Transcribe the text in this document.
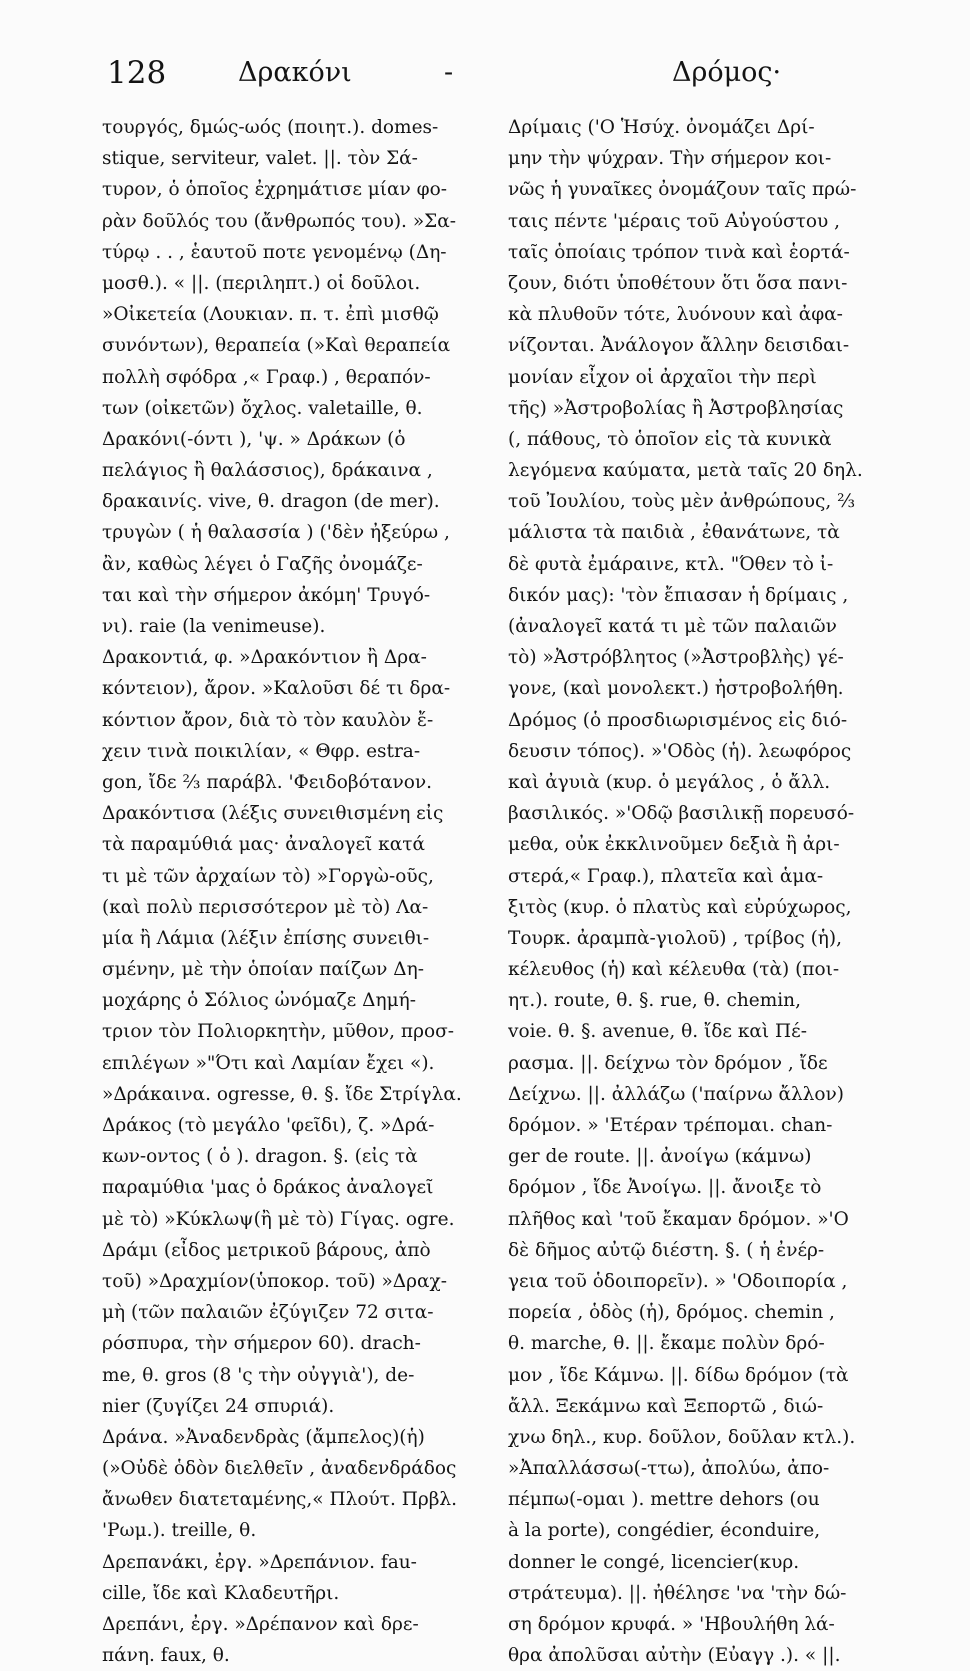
128	Δρακόνι	-	Δρόμος·
τουργός, δμώς-ωός (ποιητ.). domes-
stique, serviteur, valet. ||. τὸν Σά-
τυρον, ὁ ὁποῖος ἐχρημάτισε μίαν φο-
ρὰν δοῦλός του (ἄνθρωπός του). »Σα-
τύρῳ . . , ἑαυτοῦ ποτε γενομένῳ (Δη-
μοσθ.). « ||. (περιληπτ.) οἱ δοῦλοι.
»Οἰκετεία (Λουκιαν. π. τ. ἐπὶ μισθῷ
συνόντων), θεραπεία (»Καὶ θεραπεία
πολλὴ σφόδρα ,« Γραφ.) , θεραπόν-
των (οἰκετῶν) ὄχλος. valetaille, θ.
Δρακόνι(-όντι ), 'ψ. » Δράκων (ὁ
πελάγιος ἢ θαλάσσιος), δράκαινα ,
δρακαινίς. vive, θ. dragon (de mer).
τρυγὼν ( ἡ θαλασσία ) ('δὲν ἠξεύρω ,
ἂν, καθὼς λέγει ὁ Γαζῆς ὀνομάζε-
ται καὶ τὴν σήμερον ἀκόμη' Τρυγό-
νι). raie (la venimeuse).
Δρακοντιά, φ. »Δρακόντιον ἢ Δρα-
κόντειον), ἄρον. »Καλοῦσι δέ τι δρα-
κόντιον ἄρον, διὰ τὸ τὸν καυλὸν ἔ-
χειν τινὰ ποικιλίαν, « Θφρ. estra-
gon, ἴδε ⅔ παράβλ. 'Φειδοβότανον.
Δρακόντισα (λέξις συνειθισμένη εἰς
τὰ παραμύθιά μας· ἀναλογεῖ κατά
τι μὲ τῶν ἀρχαίων τὸ) »Γοργὼ-οῦς,
(καὶ πολὺ περισσότερον μὲ τὸ) Λα-
μία ἢ Λάμια (λέξιν ἐπίσης συνειθι-
σμένην, μὲ τὴν ὁποίαν παίζων Δη-
μοχάρης ὁ Σόλιος ὠνόμαζε Δημή-
τριον τὸν Πολιορκητὴν, μῦθον, προσ-
επιλέγων »"Ότι καὶ Λαμίαν ἔχει «).
»Δράκαινα. ogresse, θ. §. ἴδε Στρίγλα.
Δράκος (τὸ μεγάλο 'φεῖδι), ζ. »Δρά-
κων-οντος ( ὁ ). dragon. §. (εἰς τὰ
παραμύθια 'μας ὁ δράκος ἀναλογεῖ
μὲ τὸ) »Κύκλωψ(ἢ μὲ τὸ) Γίγας. ogre.
Δράμι (εἶδος μετρικοῦ βάρους, ἀπὸ
τοῦ) »Δραχμίον(ὑποκορ. τοῦ) »Δραχ-
μὴ (τῶν παλαιῶν ἐζύγιζεν 72 σιτα-
ρόσπυρα, τὴν σήμερον 60). drach-
me, θ. gros (8 'ς τὴν οὐγγιὰ'), de-
nier (ζυγίζει 24 σπυριά).
Δράνα. »Ἀναδενδρὰς (ἄμπελος)(ἡ)
(»Οὐδὲ ὁδὸν διελθεῖν , ἀναδενδράδος
ἄνωθεν διατεταμένης,« Πλούτ. Πρβλ.
'Ρωμ.). treille, θ.
Δρεπανάκι, ἐργ. »Δρεπάνιον. fau-
cille, ἴδε καὶ Κλαδευτῆρι.
Δρεπάνι, ἐργ. »Δρέπανον καὶ δρε-
πάνη. faux, θ.
Δρίμαις ('Ο Ἡσύχ. ὀνομάζει Δρί-
μην τὴν ψύχραν. Τὴν σήμερον κοι-
νῶς ἡ γυναῖκες ὀνομάζουν ταῖς πρώ-
ταις πέντε 'μέραις τοῦ Αὐγούστου ,
ταῖς ὁποίαις τρόπον τινὰ καὶ ἑορτά-
ζουν, διότι ὑποθέτουν ὅτι ὅσα πανι-
κὰ πλυθοῦν τότε, λυόνουν καὶ ἀφα-
νίζονται. Ἀνάλογον ἄλλην δεισιδαι-
μονίαν εἶχον οἱ ἀρχαῖοι τὴν περὶ
τῆς) »Ἀστροβολίας ἢ Ἀστροβλησίας
(, πάθους, τὸ ὁποῖον εἰς τὰ κυνικὰ
λεγόμενα καύματα, μετὰ ταῖς 20 δηλ.
τοῦ Ἰουλίου, τοὺς μὲν ἀνθρώπους, ⅔
μάλιστα τὰ παιδιὰ , ἐθανάτωνε, τὰ
δὲ φυτὰ ἐμάραινε, κτλ. "Όθεν τὸ ἰ-
δικόν μας): 'τὸν ἔπιασαν ἡ δρίμαις ,
(ἀναλογεῖ κατά τι μὲ τῶν παλαιῶν
τὸ) »Ἀστρόβλητος (»Ἀστροβλὴς) γέ-
γονε, (καὶ μονολεκτ.) ἠστροβολήθη.
Δρόμος (ὁ προσδιωρισμένος εἰς διό-
δευσιν τόπος). »'Οδὸς (ἡ). λεωφόρος
καὶ ἀγυιὰ (κυρ. ὁ μεγάλος , ὁ ἄλλ.
βασιλικός. »'Οδῷ βασιλικῇ πορευσό-
μεθα, οὐκ ἐκκλινοῦμεν δεξιὰ ἢ ἀρι-
στερά,« Γραφ.), πλατεῖα καὶ ἁμα-
ξιτὸς (κυρ. ὁ πλατὺς καὶ εὐρύχωρος,
Τουρκ. ἀραμπὰ-γιολοῦ) , τρίβος (ἡ),
κέλευθος (ἡ) καὶ κέλευθα (τὰ) (ποι-
ητ.). route, θ. §. rue, θ. chemin,
voie. θ. §. avenue, θ. ἴδε καὶ Πέ-
ρασμα. ||. δείχνω τὸν δρόμον , ἴδε
Δείχνω. ||. ἀλλάζω ('παίρνω ἄλλον)
δρόμον. » 'Ετέραν τρέπομαι. chan-
ger de route. ||. ἀνοίγω (κάμνω)
δρόμον , ἴδε Ἀνοίγω. ||. ἄνοιξε τὸ
πλῆθος καὶ 'τοῦ ἔκαμαν δρόμον. »'Ο
δὲ δῆμος αὐτῷ διέστη. §. ( ἡ ἐνέρ-
γεια τοῦ ὁδοιπορεῖν). » 'Οδοιπορία ,
πορεία , ὁδὸς (ἡ), δρόμος. chemin ,
θ. marche, θ. ||. ἔκαμε πολὺν δρό-
μον , ἴδε Κάμνω. ||. δίδω δρόμον (τὰ
ἄλλ. Ξεκάμνω καὶ Ξεπορτῶ , διώ-
χνω δηλ., κυρ. δοῦλον, δοῦλαν κτλ.).
»Ἀπαλλάσσω(-ττω), ἀπολύω, ἀπο-
πέμπω(-ομαι ). mettre dehors (ou
à la porte), congédier, éconduire,
donner le congé, licencier(κυρ.
στράτευμα). ||. ἠθέλησε 'να 'τὴν δώ-
ση δρόμον κρυφά. » 'Ηβουλήθη λά-
θρα ἀπολῦσαι αὐτὴν (Εὐαγγ .). « ||.
